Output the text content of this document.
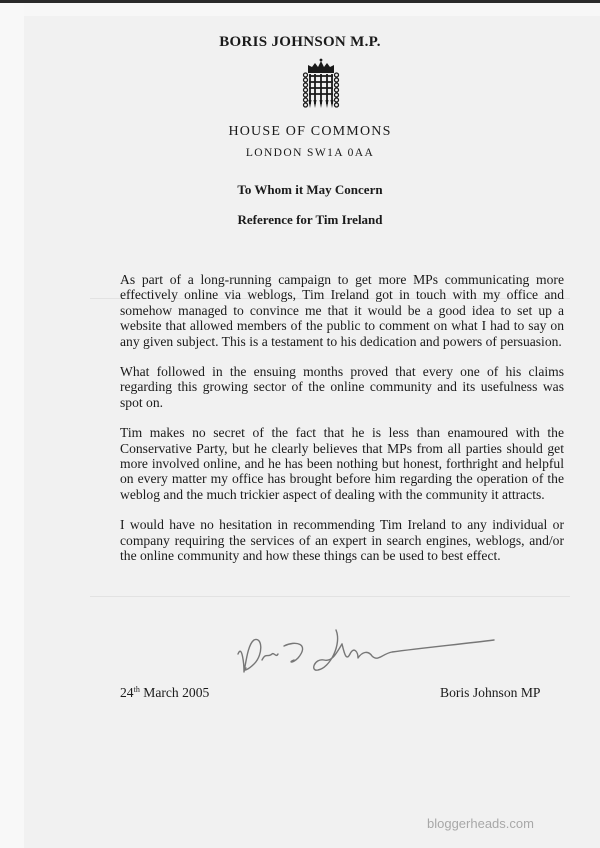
BORIS JOHNSON M.P.
HOUSE OF COMMONS
LONDON SW1A 0AA
To Whom it May Concern
Reference for Tim Ireland

As part of a long-running campaign to get more MPs communicating more effectively online via weblogs, Tim Ireland got in touch with my office and somehow managed to convince me that it would be a good idea to set up a website that allowed members of the public to comment on what I had to say on any given subject. This is a testament to his dedication and powers of persuasion.

What followed in the ensuing months proved that every one of his claims regarding this growing sector of the online community and its usefulness was spot on.

Tim makes no secret of the fact that he is less than enamoured with the Conservative Party, but he clearly believes that MPs from all parties should get more involved online, and he has been nothing but honest, forthright and helpful on every matter my office has brought before him regarding the operation of the weblog and the much trickier aspect of dealing with the community it attracts.

I would have no hesitation in recommending Tim Ireland to any individual or company requiring the services of an expert in search engines, weblogs, and/or the online community and how these things can be used to best effect.

24th March 2005	Boris Johnson MP
bloggerheads.com
